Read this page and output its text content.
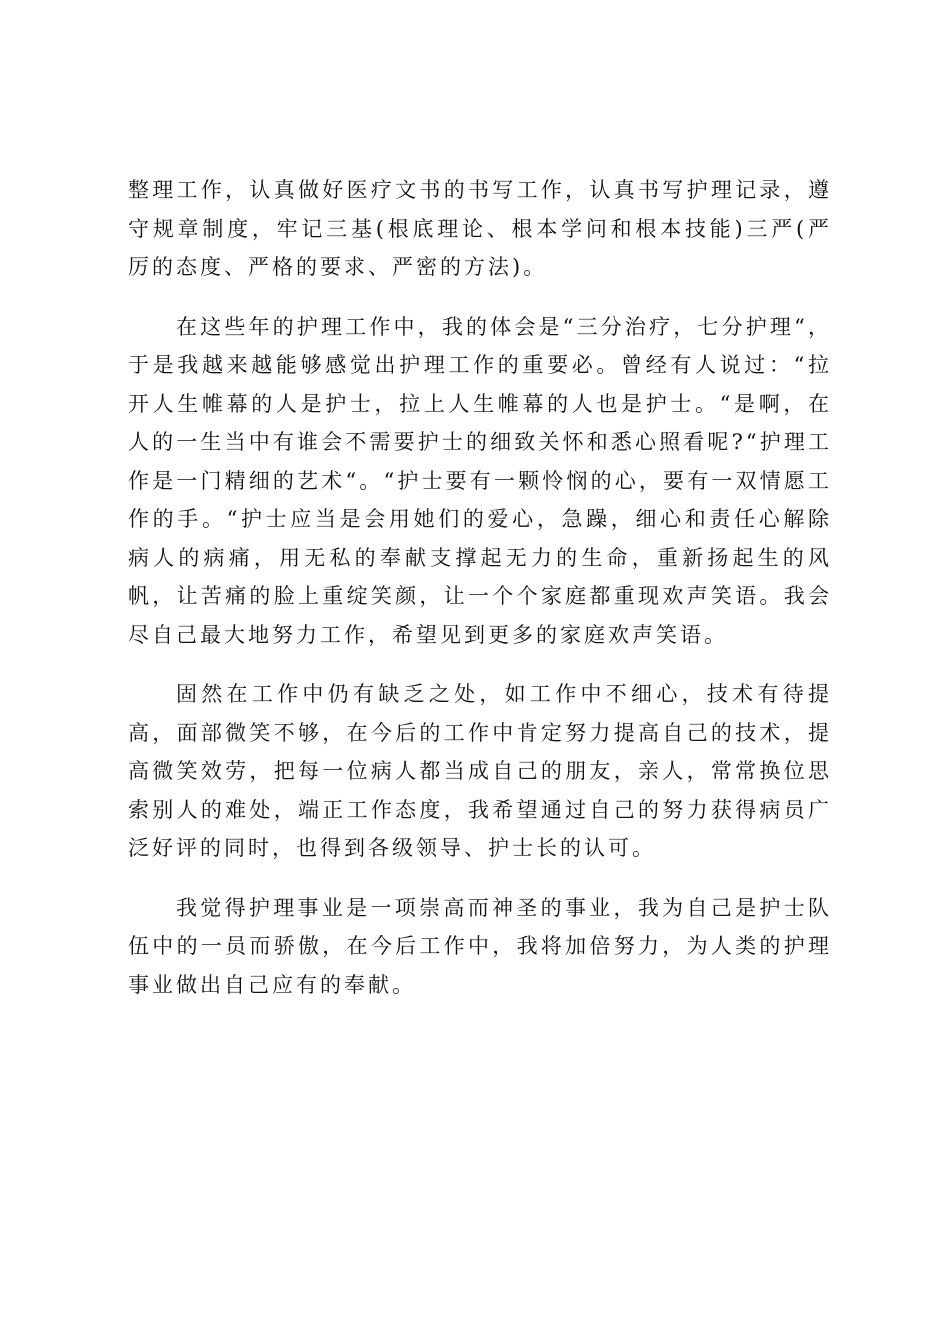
整理工作，认真做好医疗文书的书写工作，认真书写护理记录，遵守规章制度，牢记三基(根底理论、根本学问和根本技能)三严(严厉的态度、严格的要求、严密的方法)。

在这些年的护理工作中，我的体会是“三分治疗，七分护理“，于是我越来越能够感觉出护理工作的重要必。曾经有人说过：“拉开人生帷幕的人是护士，拉上人生帷幕的人也是护士。“是啊，在人的一生当中有谁会不需要护士的细致关怀和悉心照看呢?“护理工作是一门精细的艺术“。“护士要有一颗怜悯的心，要有一双情愿工作的手。“护士应当是会用她们的爱心，急躁，细心和责任心解除病人的病痛，用无私的奉献支撑起无力的生命，重新扬起生的风帆，让苦痛的脸上重绽笑颜，让一个个家庭都重现欢声笑语。我会尽自己最大地努力工作，希望见到更多的家庭欢声笑语。

固然在工作中仍有缺乏之处，如工作中不细心，技术有待提高，面部微笑不够，在今后的工作中肯定努力提高自己的技术，提高微笑效劳，把每一位病人都当成自己的朋友，亲人，常常换位思索别人的难处，端正工作态度，我希望通过自己的努力获得病员广泛好评的同时，也得到各级领导、护士长的认可。

我觉得护理事业是一项崇高而神圣的事业，我为自己是护士队伍中的一员而骄傲，在今后工作中，我将加倍努力，为人类的护理事业做出自己应有的奉献。
